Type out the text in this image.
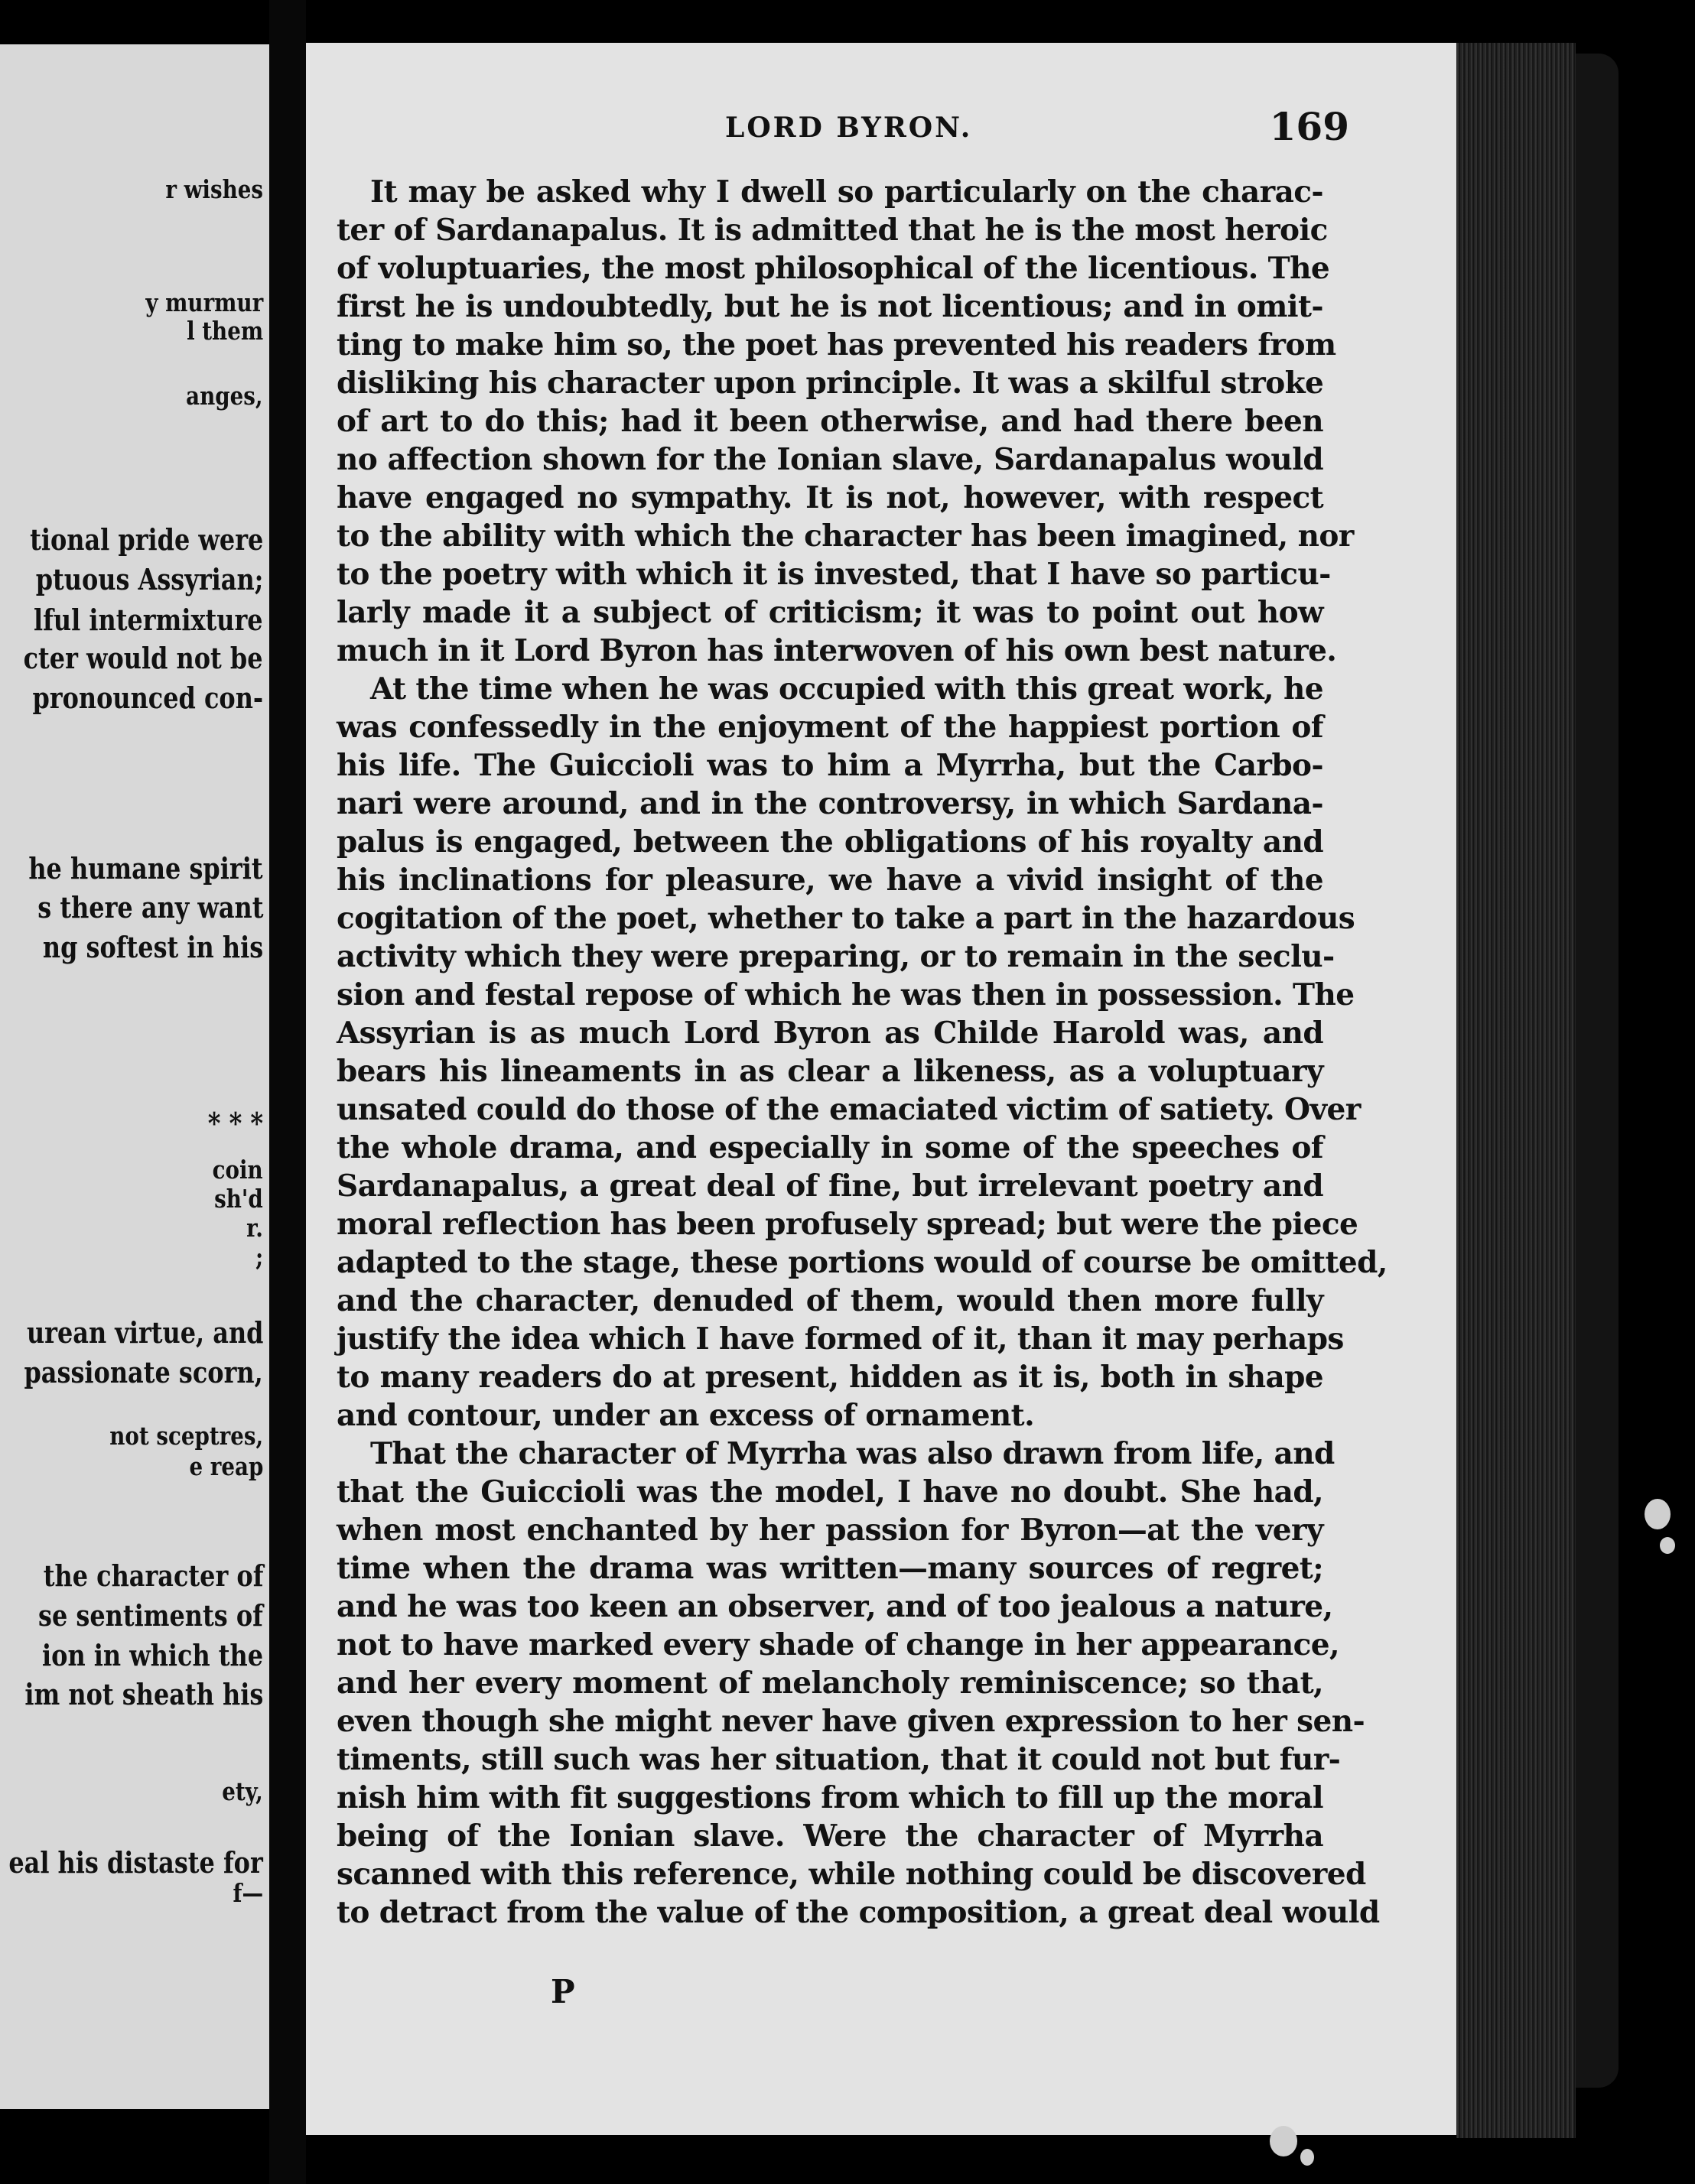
r wishes
y murmur
l them
anges,
tional pride were
ptuous Assyrian;
lful intermixture
cter would not be
pronounced con-
he humane spirit
s there any want
ng softest in his
* * *
coin
sh'd
r.
;
urean virtue, and
passionate scorn,
not sceptres,
e reap
the character of
se sentiments of
ion in which the
im not sheath his
ety,
eal his distaste for
f—
LORD BYRON.	169
It may be asked why I dwell so particularly on the charac-
ter of Sardanapalus. It is admitted that he is the most heroic
of voluptuaries, the most philosophical of the licentious. The
first he is undoubtedly, but he is not licentious; and in omit-
ting to make him so, the poet has prevented his readers from
disliking his character upon principle. It was a skilful stroke
of art to do this; had it been otherwise, and had there been
no affection shown for the Ionian slave, Sardanapalus would
have engaged no sympathy. It is not, however, with respect
to the ability with which the character has been imagined, nor
to the poetry with which it is invested, that I have so particu-
larly made it a subject of criticism; it was to point out how
much in it Lord Byron has interwoven of his own best nature.
At the time when he was occupied with this great work, he
was confessedly in the enjoyment of the happiest portion of
his life. The Guiccioli was to him a Myrrha, but the Carbo-
nari were around, and in the controversy, in which Sardana-
palus is engaged, between the obligations of his royalty and
his inclinations for pleasure, we have a vivid insight of the
cogitation of the poet, whether to take a part in the hazardous
activity which they were preparing, or to remain in the seclu-
sion and festal repose of which he was then in possession. The
Assyrian is as much Lord Byron as Childe Harold was, and
bears his lineaments in as clear a likeness, as a voluptuary
unsated could do those of the emaciated victim of satiety. Over
the whole drama, and especially in some of the speeches of
Sardanapalus, a great deal of fine, but irrelevant poetry and
moral reflection has been profusely spread; but were the piece
adapted to the stage, these portions would of course be omitted,
and the character, denuded of them, would then more fully
justify the idea which I have formed of it, than it may perhaps
to many readers do at present, hidden as it is, both in shape
and contour, under an excess of ornament.
That the character of Myrrha was also drawn from life, and
that the Guiccioli was the model, I have no doubt. She had,
when most enchanted by her passion for Byron—at the very
time when the drama was written—many sources of regret;
and he was too keen an observer, and of too jealous a nature,
not to have marked every shade of change in her appearance,
and her every moment of melancholy reminiscence; so that,
even though she might never have given expression to her sen-
timents, still such was her situation, that it could not but fur-
nish him with fit suggestions from which to fill up the moral
being of the Ionian slave. Were the character of Myrrha
scanned with this reference, while nothing could be discovered
to detract from the value of the composition, a great deal would
P
